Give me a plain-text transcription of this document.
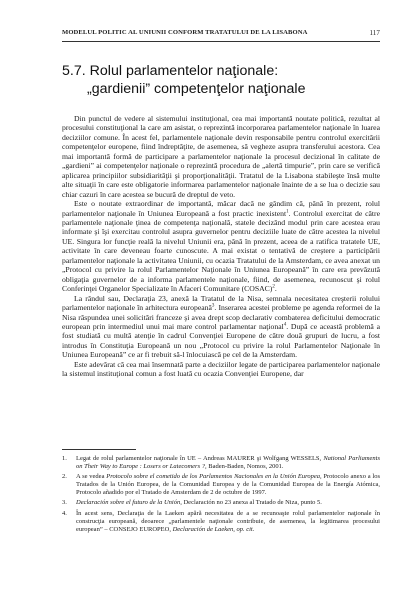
MODELUL POLITIC AL UNIUNII CONFORM TRATATULUI DE LA LISABONA	117
5.7. Rolul parlamentelor naţionale:
„gardienii” competenţelor naţionale

Din punctul de vedere al sistemului instituţional, cea mai importantă noutate politică, rezultat al procesului constituţional la care am asistat, o reprezintă incorporarea parlamentelor naţionale în luarea deciziilor comune. În acest fel, parlamentele naţionale devin responsabile pentru controlul exercitării competenţelor europene, fiind îndreptăţite, de asemenea, să vegheze asupra transferului acestora. Cea mai importantă formă de participare a parlamentelor naţionale la procesul decizional în calitate de „gardieni” ai competenţelor naţionale o reprezintă procedura de „alertă timpurie”, prin care se verifică aplicarea principiilor subsidiarităţii şi proporţionalităţii. Tratatul de la Lisabona stabileşte însă multe alte situaţii în care este obligatorie informarea parlamentelor naţionale înainte de a se lua o decizie sau chiar cazuri în care acestea se bucură de dreptul de veto.

Este o noutate extraordinar de importantă, măcar dacă ne gândim că, până în prezent, rolul parlamentelor naţionale în Uniunea Europeană a fost practic inexistent$^1$. Controlul exercitat de către parlamentele naţionale ţinea de competenţa naţională, statele decizând modul prin care acestea erau informate şi îşi exercitau controlul asupra guvernelor pentru deciziile luate de către acestea la nivelul UE. Singura lor funcţie reală la nivelul Uniunii era, până în prezent, aceea de a ratifica tratatele UE, activitate în care deveneau foarte cunoscute. A mai existat o tentativă de creştere a participării parlamentelor naţionale la activitatea Uniunii, cu ocazia Tratatului de la Amsterdam, ce avea anexat un „Protocol cu privire la rolul Parlamentelor Naţionale în Uniunea Europeană” în care era prevăzută obligaţia guvernelor de a informa parlamentele naţionale, fiind, de asemenea, recunoscut şi rolul Conferinţei Organelor Specializate în Afaceri Comunitare (COSAC)$^2$.

La rândul sau, Declaraţia 23, anexă la Tratatul de la Nisa, semnala necesitatea creşterii rolului parlamentelor naţionale în arhitectura europeană$^3$. Inserarea acestei probleme pe agenda reformei de la Nisa răspundea unei solicitări franceze şi avea drept scop declarativ combaterea deficitului democratic european prin intermediul unui mai mare control parlamentar naţional$^4$. După ce această problemă a fost studiată cu multă atenţie în cadrul Convenţiei Europene de către două grupuri de lucru, a fost introdus în Constituţia Europeană un nou „Protocol cu privire la rolul Parlamentelor Naţionale în Uniunea Europeană” ce ar fi trebuit să-l înlocuiască pe cel de la Amsterdam.

Este adevărat că cea mai însemnată parte a deciziilor legate de participarea parlamentelor naţionale la sistemul instituţional comun a fost luată cu ocazia Convenţiei Europene, dar

1.	Legat de rolul parlamentelor naţionale în UE – Andreas MAURER şi Wolfgang WESSELS, National Parliaments on Their Way to Europe : Losers or Latecomers ?, Baden-Baden, Nomos, 2001.
2.	A se vedea Protocolo sobre el cometido de los Parlamentos Nacionales en la Unión Europea, Protocolo anexo a los Tratados de la Unión Europea, de la Comunidad Europea y de la Comunidad Europea de la Energía Atómica, Protocolo añadido por el Tratado de Amsterdam de 2 de octubre de 1997.
3.	Declaración sobre el futuro de la Unión, Declaración no 23 anexa al Tratado de Niza, punto 5.
4.	În acest sens, Declaraţia de la Laeken apără necesitatea de a se recunoaşte rolul parlamentelor naţionale în construcţia europeană, deoarece „parlamentele naţionale contribuie, de asemenea, la legitimarea procesului european” – CONSEJO EUROPEO, Declaración de Laeken, op. cit.
